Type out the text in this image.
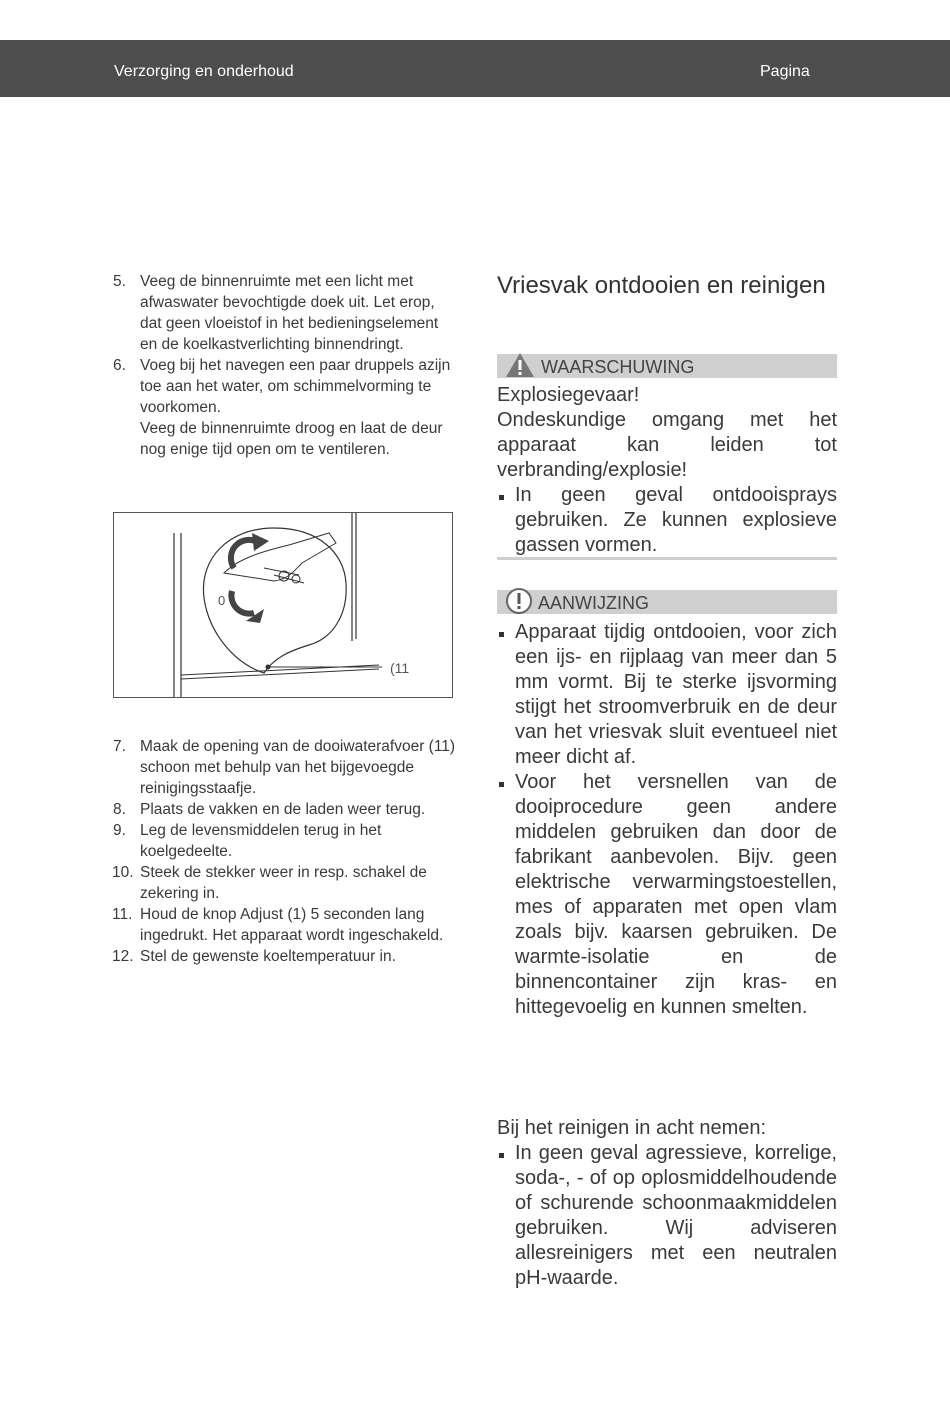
Verzorging en onderhoud	Pagina
5. Veeg de binnenruimte met een licht met afwaswater bevochtigde doek uit. Let erop, dat geen vloeistof in het bedieningselement en de koelkastverlichting binnendringt.

6. Voeg bij het navegen een paar druppels azijn toe aan het water, om schimmelvorming te voorkomen.

Veeg de binnenruimte droog en laat de deur nog enige tijd open om te ventileren.

0
(11
7. Maak de opening van de dooiwaterafvoer (11) schoon met behulp van het bijgevoegde reinigingsstaafje.

8. Plaats de vakken en de laden weer terug.

9. Leg de levensmiddelen terug in het koelgedeelte.

10. Steek de stekker weer in resp. schakel de zekering in.

11. Houd de knop Adjust (1) 5 seconden lang ingedrukt. Het apparaat wordt ingeschakeld.

12. Stel de gewenste koeltemperatuur in.

Vriesvak ontdooien en reinigen
WAARSCHUWING

Explosiegevaar!

Ondeskundige omgang met het apparaat kan leiden tot verbranding/explosie!

In geen geval ontdooisprays gebruiken. Ze kunnen explosieve gassen vormen.
AANWIJZING
Apparaat tijdig ontdooien, voor zich een ijs- en rijplaag van meer dan 5 mm vormt. Bij te sterke ijsvorming stijgt het stroomverbruik en de deur van het vriesvak sluit eventueel niet meer dicht af.
Voor het versnellen van de dooiprocedure geen andere middelen gebruiken dan door de fabrikant aanbevolen. Bijv. geen elektrische verwarmingstoestellen, mes of apparaten met open vlam zoals bijv. kaarsen gebruiken. De warmte-isolatie en de binnencontainer zijn kras- en hittegevoelig en kunnen smelten.

Bij het reinigen in acht nemen:

In geen geval agressieve, korrelige, soda-, - of op oplosmiddelhoudende of schurende schoonmaakmiddelen gebruiken. Wij adviseren allesreinigers met een neutralen pH-waarde.
